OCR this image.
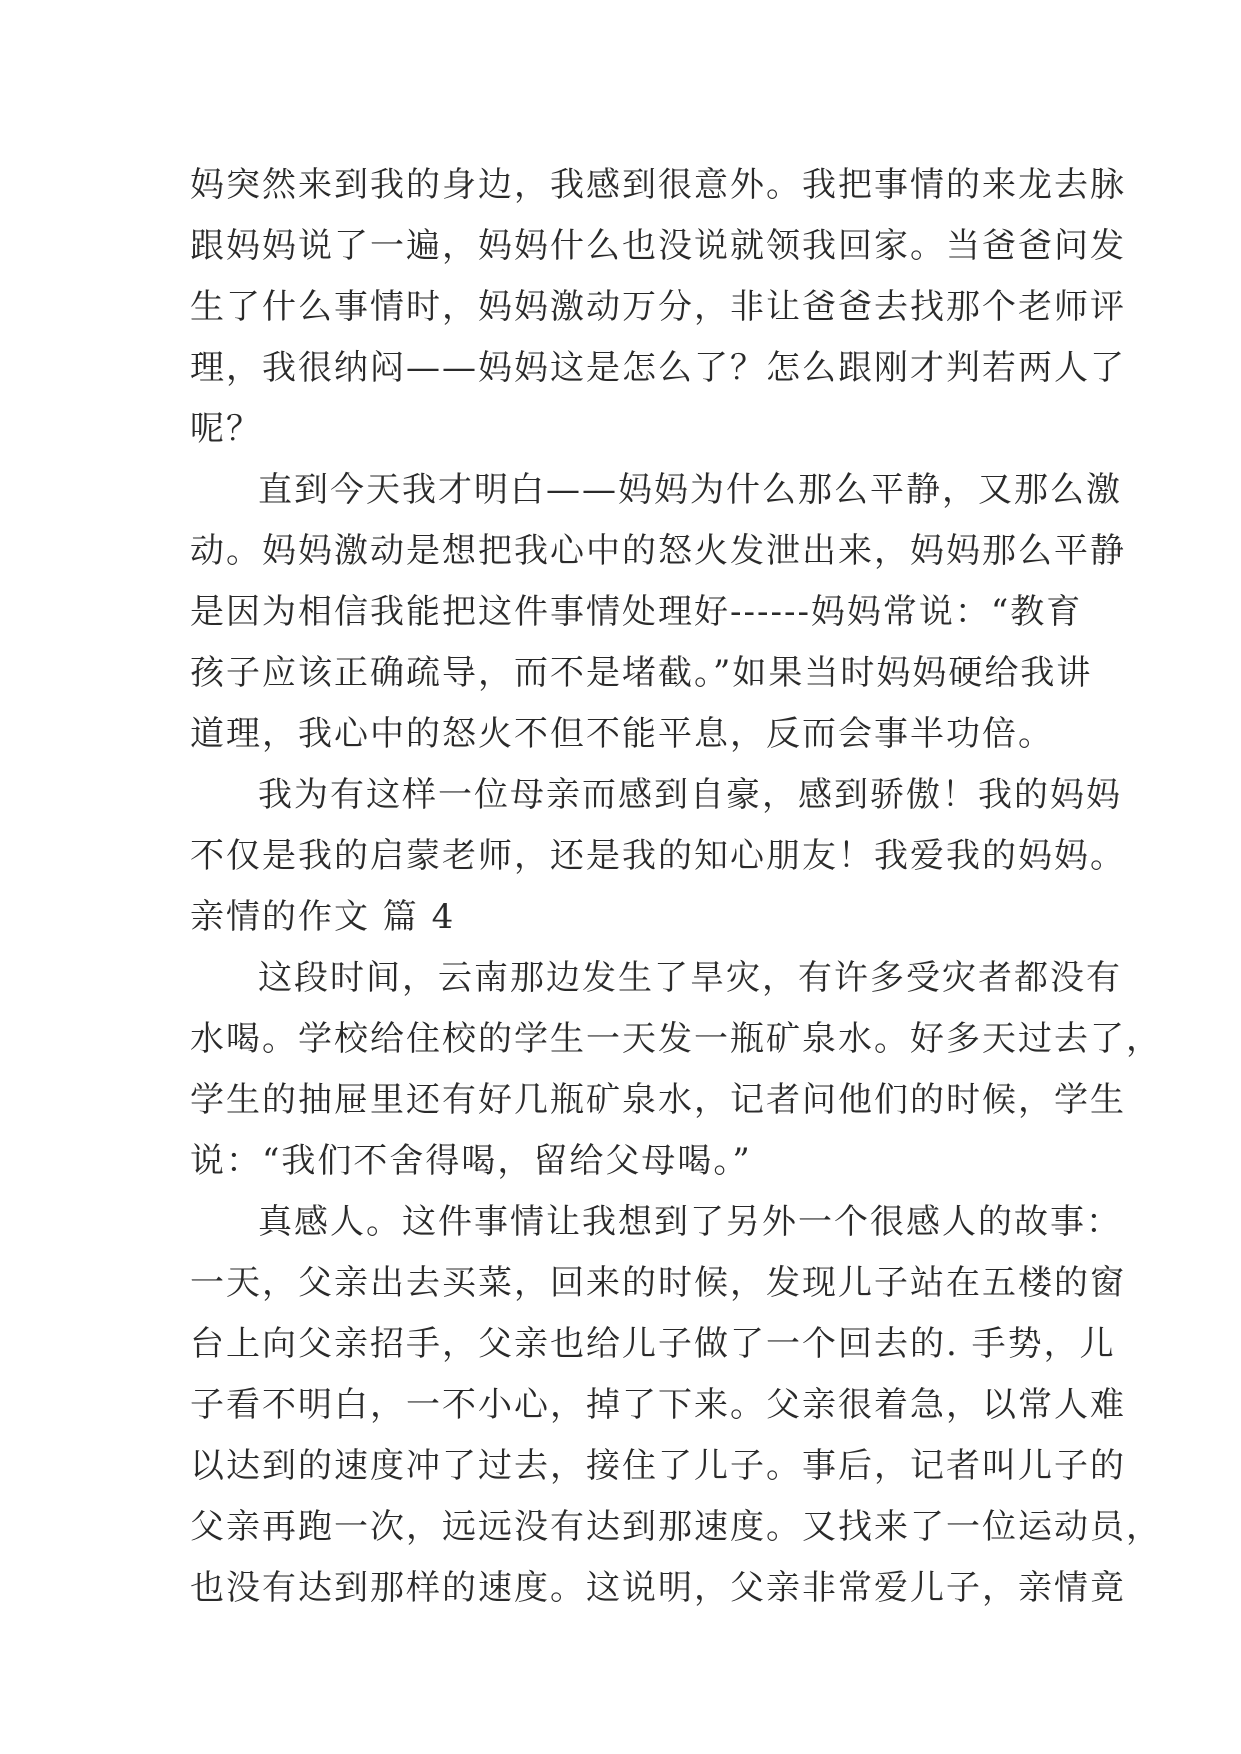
妈突然来到我的身边，我感到很意外。我把事情的来龙去脉
跟妈妈说了一遍，妈妈什么也没说就领我回家。当爸爸问发
生了什么事情时，妈妈激动万分，非让爸爸去找那个老师评
理，我很纳闷——妈妈这是怎么了？怎么跟刚才判若两人了
呢？
直到今天我才明白——妈妈为什么那么平静，又那么激
动。妈妈激动是想把我心中的怒火发泄出来，妈妈那么平静
是因为相信我能把这件事情处理好------妈妈常说：“教育
孩子应该正确疏导，而不是堵截。”如果当时妈妈硬给我讲
道理，我心中的怒火不但不能平息，反而会事半功倍。
我为有这样一位母亲而感到自豪，感到骄傲！我的妈妈
不仅是我的启蒙老师，还是我的知心朋友！我爱我的妈妈。
亲情的作文 篇 4
这段时间，云南那边发生了旱灾，有许多受灾者都没有
水喝。学校给住校的学生一天发一瓶矿泉水。好多天过去了，
学生的抽屉里还有好几瓶矿泉水，记者问他们的时候，学生
说：“我们不舍得喝，留给父母喝。”
真感人。这件事情让我想到了另外一个很感人的故事：
一天，父亲出去买菜，回来的时候，发现儿子站在五楼的窗
台上向父亲招手，父亲也给儿子做了一个回去的. 手势，儿
子看不明白，一不小心，掉了下来。父亲很着急，以常人难
以达到的速度冲了过去，接住了儿子。事后，记者叫儿子的
父亲再跑一次，远远没有达到那速度。又找来了一位运动员，
也没有达到那样的速度。这说明，父亲非常爱儿子，亲情竟
